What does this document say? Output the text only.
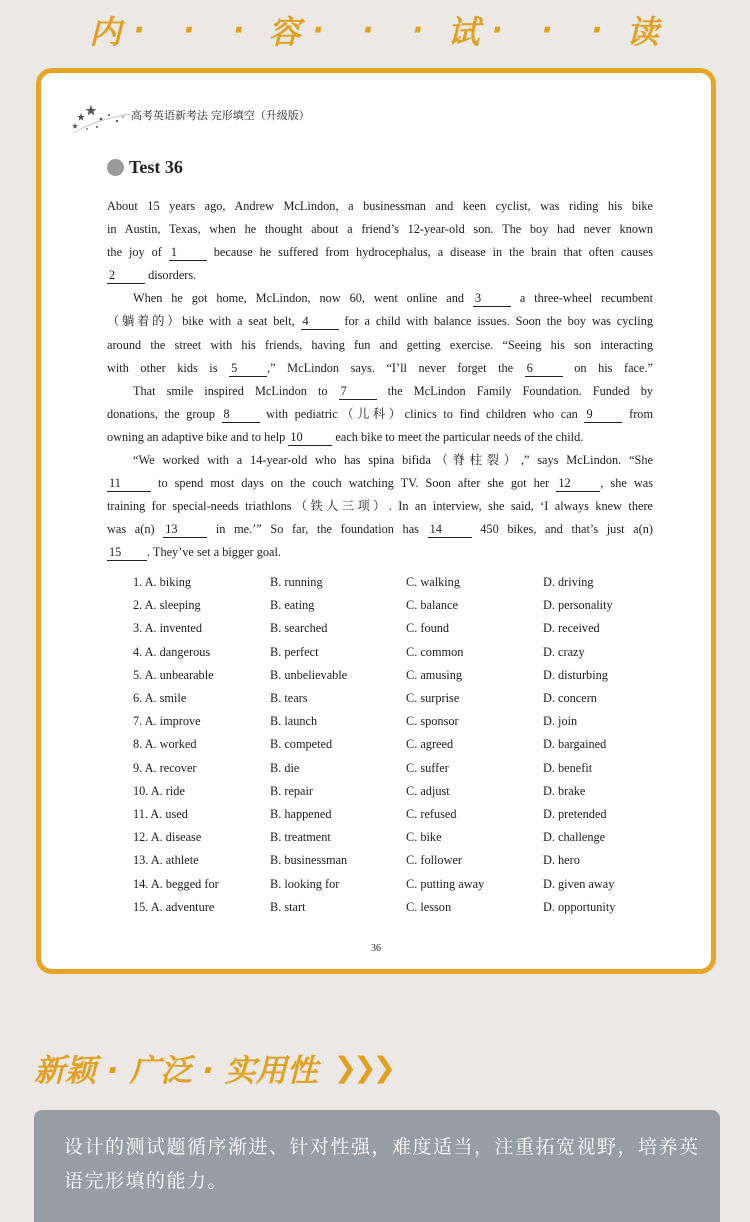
内 · · · 容 · · · 试 · · · 读
高考英语新考法 完形填空（升级版）
Test 36
About 15 years ago, Andrew McLindon, a businessman and keen cyclist, was riding his bike
in Austin, Texas, when he thought about a friend’s 12-year-old son. The boy had never known
the joy of 1 because he suffered from hydrocephalus, a disease in the brain that often causes
2 disorders.
When he got home, McLindon, now 60, went online and 3 a three-wheel recumbent
（躺着的）bike with a seat belt, 4 for a child with balance issues. Soon the boy was cycling
around the street with his friends, having fun and getting exercise. “Seeing his son interacting
with other kids is 5 ,” McLindon says. “I’ll never forget the 6 on his face.”
That smile inspired McLindon to 7 the McLindon Family Foundation. Funded by
donations, the group 8 with pediatric（儿科）clinics to find children who can 9 from
owning an adaptive bike and to help 10 each bike to meet the particular needs of the child.
“We worked with a 14-year-old who has spina bifida（脊柱裂）,” says McLindon. “She
11 to spend most days on the couch watching TV. Soon after she got her 12 , she was
training for special-needs triathlons（铁人三项）. In an interview, she said, ‘I always knew there
was a(n) 13 in me.’” So far, the foundation has 14 450 bikes, and that’s just a(n)
15 . They’ve set a bigger goal.
1. A. biking	B. running	C. walking	D. driving
2. A. sleeping	B. eating	C. balance	D. personality
3. A. invented	B. searched	C. found	D. received
4. A. dangerous	B. perfect	C. common	D. crazy
5. A. unbearable	B. unbelievable	C. amusing	D. disturbing
6. A. smile	B. tears	C. surprise	D. concern
7. A. improve	B. launch	C. sponsor	D. join
8. A. worked	B. competed	C. agreed	D. bargained
9. A. recover	B. die	C. suffer	D. benefit
10. A. ride	B. repair	C. adjust	D. brake
11. A. used	B. happened	C. refused	D. pretended
12. A. disease	B. treatment	C. bike	D. challenge
13. A. athlete	B. businessman	C. follower	D. hero
14. A. begged for	B. looking for	C. putting away	D. given away
15. A. adventure	B. start	C. lesson	D. opportunity
36
新颖 · 广泛 · 实用性 ❯❯❯
设计的测试题循序渐进、针对性强，难度适当，注重拓宽视野，培养英语完形填的能力。
